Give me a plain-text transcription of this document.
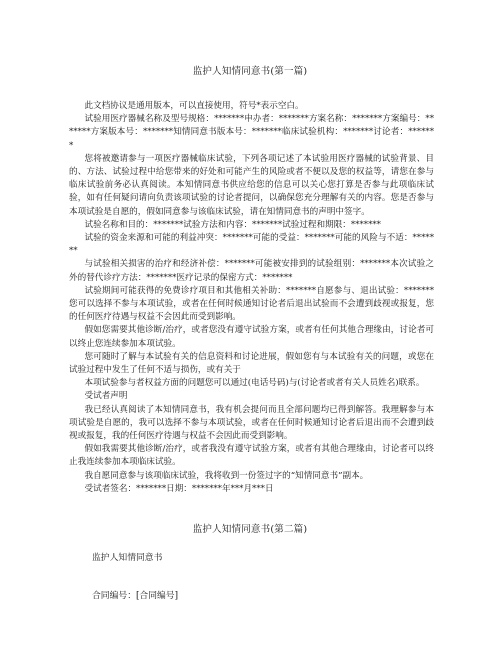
监护人知情同意书(第一篇)

此文档协议是通用版本，可以直接使用，符号*表示空白。

试验用医疗器械名称及型号规格：*******申办者：*******方案名称：*******方案编号：*******方案版本号：*******知情同意书版本号：*******临床试验机构：*******讨论者：*******

您将被邀请参与一项医疗器械临床试验，下列各项记述了本试验用医疗器械的试验背景、目的、方法、试验过程中给您带来的好处和可能产生的风险或者不便以及您的权益等，请您在参与临床试验前务必认真阅读。本知情同意书供应给您的信息可以关心您打算是否参与此项临床试验，如有任何疑问请向负责该项试验的讨论者提问，以确保您充分理解有关的内容。您是否参与本项试验是自愿的，假如同意参与该临床试验，请在知情同意书的声明中签字。

试验名称和目的：*******试验方法和内容：*******试验过程和期限：*******

试验的资金来源和可能的利益冲突：*******可能的受益：*******可能的风险与不适：*******

与试验相关损害的治疗和经济补偿：*******可能被安排到的试验组别：*******本次试验之外的替代诊疗方法：*******医疗记录的保密方式：*******

试验期间可能获得的免费诊疗项目和其他相关补助：*******自愿参与、退出试验：*******您可以选择不参与本项试验，或者在任何时候通知讨论者后退出试验而不会遭到歧视或报复，您的任何医疗待遇与权益不会因此而受到影响。

假如您需要其他诊断/治疗，或者您没有遵守试验方案，或者有任何其他合理缘由，讨论者可以终止您连续参加本项试验。

您可随时了解与本试验有关的信息资料和讨论进展，假如您有与本试验有关的问题，或您在试验过程中发生了任何不适与损伤，或有关于

本项试验参与者权益方面的问题您可以通过(电话号码)与(讨论者或者有关人员姓名)联系。

受试者声明

我已经认真阅读了本知情同意书，我有机会提问而且全部问题均已得到解答。我理解参与本项试验是自愿的，我可以选择不参与本项试验，或者在任何时候通知讨论者后退出而不会遭到歧视或报复，我的任何医疗待遇与权益不会因此而受到影响。

假如我需要其他诊断/治疗，或者我没有遵守试验方案，或者有其他合理缘由，讨论者可以终止我连续参加本项临床试验。

我自愿同意参与该项临床试验，我将收到一份签过字的“知情同意书”副本。

受试者签名：*******日期：*******年***月***日

监护人知情同意书(第二篇)
监护人知情同意书
合同编号：[合同编号]
